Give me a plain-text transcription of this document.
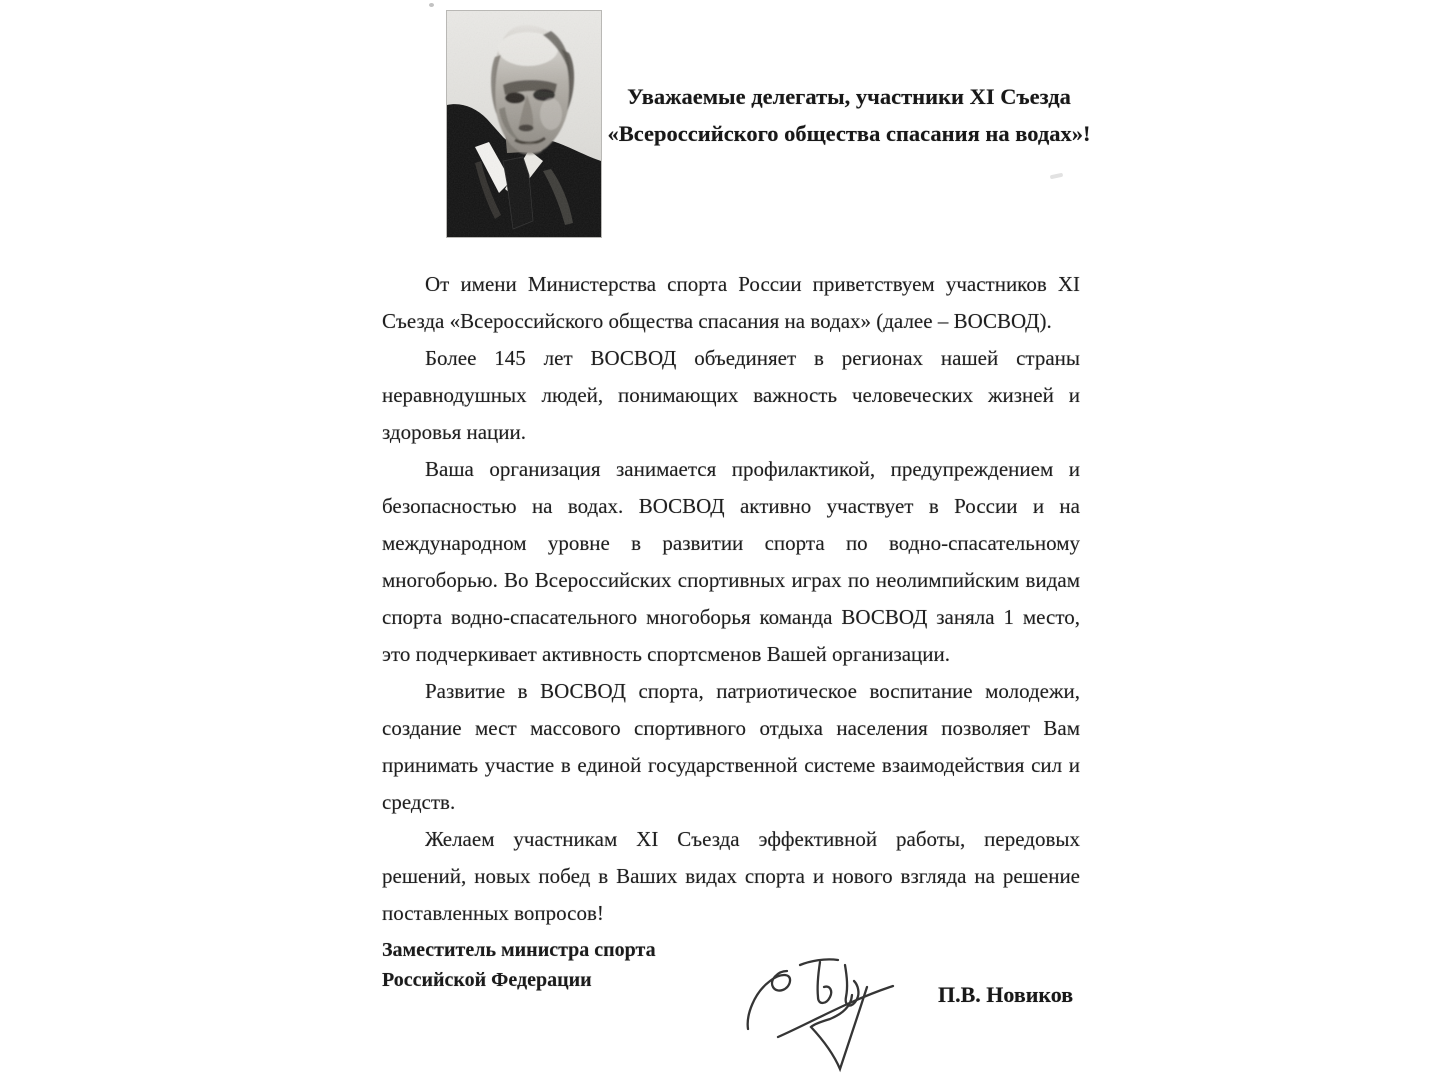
Уважаемые делегаты, участники XI Съезда
«Всероссийского общества спасания на водах»!
От имени Министерства спорта России приветствуем участников XI
Съезда «Всероссийского общества спасания на водах» (далее – ВОСВОД).
Более 145 лет ВОСВОД объединяет в регионах нашей страны
неравнодушных людей, понимающих важность человеческих жизней и
здоровья нации.
Ваша организация занимается профилактикой, предупреждением и
безопасностью на водах. ВОСВОД активно участвует в России и на
международном уровне в развитии спорта по водно-спасательному
многоборью. Во Всероссийских спортивных играх по неолимпийским видам
спорта водно-спасательного многоборья команда ВОСВОД заняла 1 место,
это подчеркивает активность спортсменов Вашей организации.
Развитие в ВОСВОД спорта, патриотическое воспитание молодежи,
создание мест массового спортивного отдыха населения позволяет Вам
принимать участие в единой государственной системе взаимодействия сил и
средств.
Желаем участникам XI Съезда эффективной работы, передовых
решений, новых побед в Ваших видах спорта и нового взгляда на решение
поставленных вопросов!
Заместитель министра спорта
Российской Федерации
П.В. Новиков
